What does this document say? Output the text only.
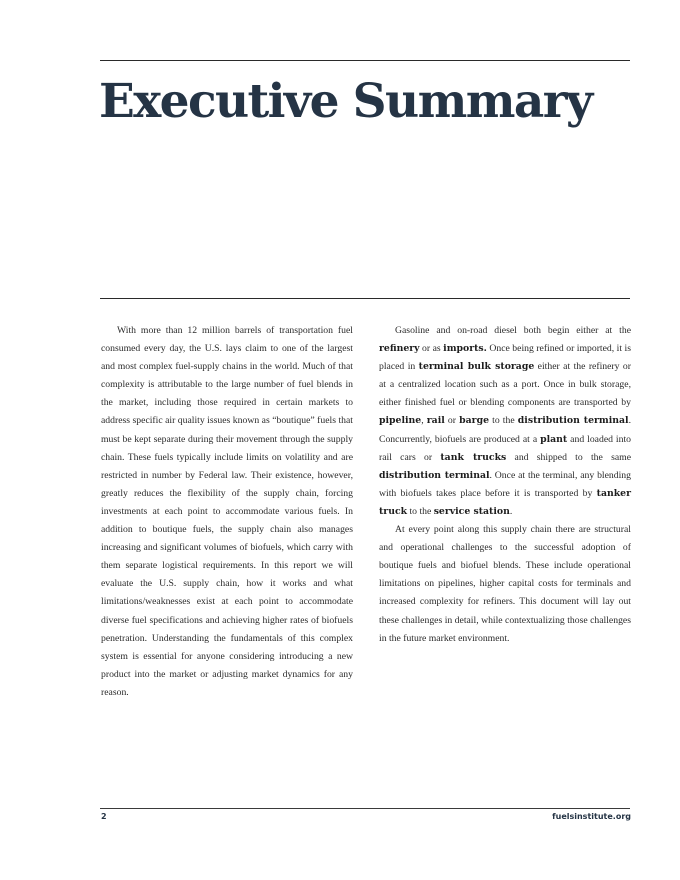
Executive Summary

With more than 12 million barrels of transportation fuel consumed every day, the U.S. lays claim to one of the largest and most complex fuel-supply chains in the world. Much of that complexity is attributable to the large number of fuel blends in the market, including those required in certain markets to address specific air quality issues known as “boutique” fuels that must be kept separate during their movement through the supply chain. These fuels typically include limits on volatility and are restricted in number by Federal law. Their existence, however, greatly reduces the flexibility of the supply chain, forcing investments at each point to accommodate various fuels. In addition to boutique fuels, the supply chain also manages increasing and significant volumes of biofuels, which carry with them separate logistical requirements. In this report we will evaluate the U.S. supply chain, how it works and what limitations/weaknesses exist at each point to accommodate diverse fuel specifications and achieving higher rates of biofuels penetration. Understanding the fundamentals of this complex system is essential for anyone considering introducing a new product into the market or adjusting market dynamics for any reason.

Gasoline and on-road diesel both begin either at the refinery or as imports. Once being refined or imported, it is placed in terminal bulk storage either at the refinery or at a centralized location such as a port. Once in bulk storage, either finished fuel or blending components are transported by pipeline, rail or barge to the distribution terminal. Concurrently, biofuels are produced at a plant and loaded into rail cars or tank trucks and shipped to the same distribution terminal. Once at the terminal, any blending with biofuels takes place before it is transported by tanker truck to the service station.

At every point along this supply chain there are structural and operational challenges to the successful adoption of boutique fuels and biofuel blends. These include operational limitations on pipelines, higher capital costs for terminals and increased complexity for refiners. This document will lay out these challenges in detail, while contextualizing those challenges in the future market environment.

2	fuelsinstitute.org
